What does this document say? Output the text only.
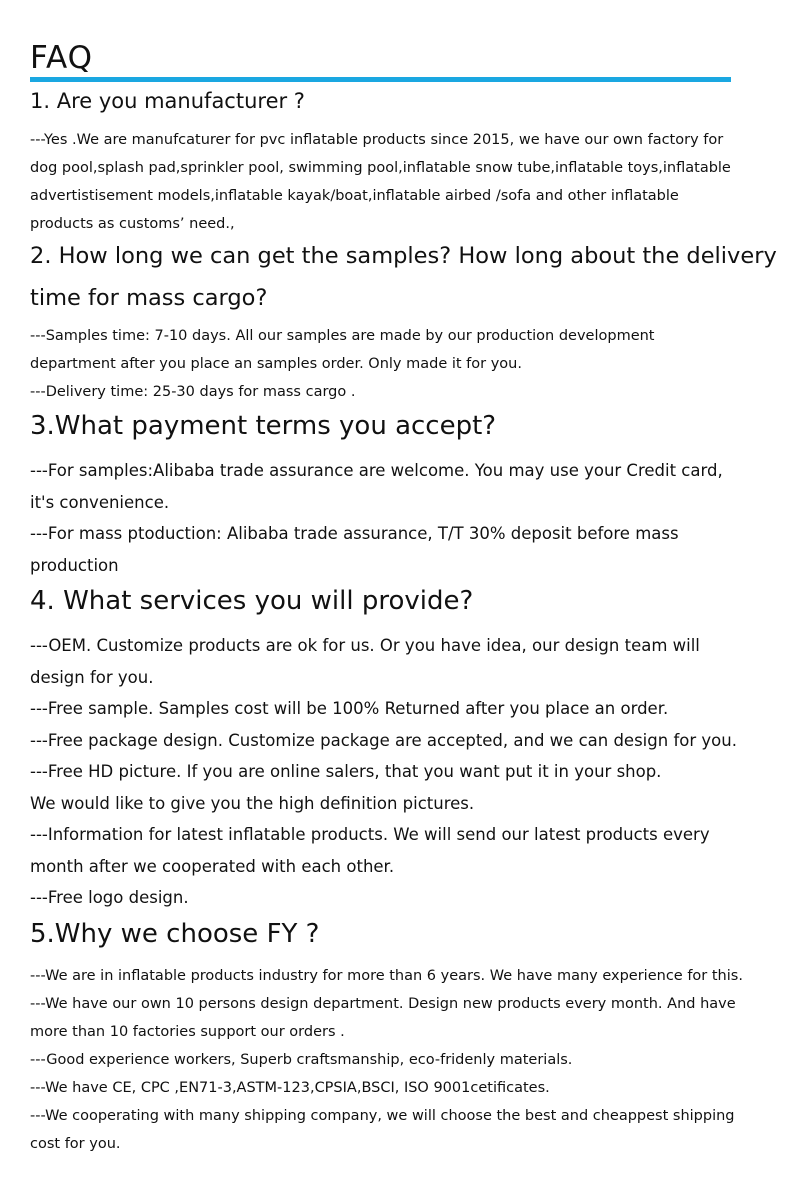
FAQ
1. Are you manufacturer ?
---Yes .We are manufcaturer for pvc inflatable products since 2015, we have our own factory for
dog pool,splash pad,sprinkler pool, swimming pool,inflatable snow tube,inflatable toys,inflatable
advertistisement models,inflatable kayak/boat,inflatable airbed /sofa and other inflatable
products as customs’ need.,
2. How long we can get the samples? How long about the delivery
time for mass cargo?
---Samples time: 7-10 days. All our samples are made by our production development
department after you place an samples order. Only made it for you.
---Delivery time: 25-30 days for mass cargo .
3.What payment terms you accept?
---For samples:Alibaba trade assurance are welcome. You may use your Credit card,
it's convenience.
---For mass ptoduction: Alibaba trade assurance, T/T 30% deposit before mass
production
4. What services you will provide?
---OEM. Customize products are ok for us. Or you have idea, our design team will
design for you.
---Free sample. Samples cost will be 100% Returned after you place an order.
---Free package design. Customize package are accepted, and we can design for you.
---Free HD picture. If you are online salers, that you want put it in your shop.
We would like to give you the high definition pictures.
---Information for latest inflatable products. We will send our latest products every
month after we cooperated with each other.
---Free logo design.
5.Why we choose FY ?
---We are in inflatable products industry for more than 6 years. We have many experience for this.
---We have our own 10 persons design department. Design new products every month. And have
more than 10 factories support our orders .
---Good experience workers, Superb craftsmanship, eco-fridenly materials.
---We have CE, CPC ,EN71-3,ASTM-123,CPSIA,BSCI, ISO 9001cetificates.
---We cooperating with many shipping company, we will choose the best and cheappest shipping
cost for you.
